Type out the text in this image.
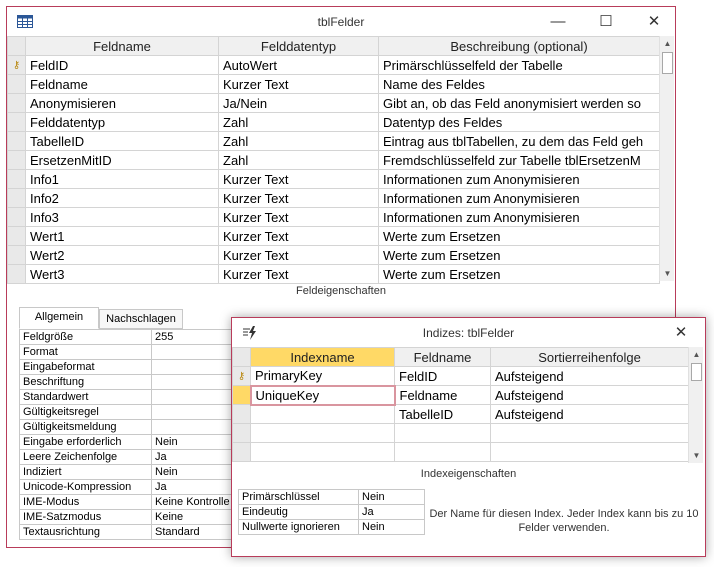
tblFelder	—	☐	✕
	Feldname	Felddatentyp	Beschreibung (optional)

⚷	FeldID	AutoWert	Primärschlüsselfeld der Tabelle
	Feldname	Kurzer Text	Name des Feldes
	Anonymisieren	Ja/Nein	Gibt an, ob das Feld anonymisiert werden so
	Felddatentyp	Zahl	Datentyp des Feldes
	TabelleID	Zahl	Eintrag aus tblTabellen, zu dem das Feld geh
	ErsetzenMitID	Zahl	Fremdschlüsselfeld zur Tabelle tblErsetzenM
	Info1	Kurzer Text	Informationen zum Anonymisieren
	Info2	Kurzer Text	Informationen zum Anonymisieren
	Info3	Kurzer Text	Informationen zum Anonymisieren
	Wert1	Kurzer Text	Werte zum Ersetzen
	Wert2	Kurzer Text	Werte zum Ersetzen
	Wert3	Kurzer Text	Werte zum Ersetzen
▲
▼
Feldeigenschaften
Allgemein	Nachschlagen
Feldgröße	255
Format	
Eingabeformat	
Beschriftung	
Standardwert	
Gültigkeitsregel	
Gültigkeitsmeldung	
Eingabe erforderlich	Nein
Leere Zeichenfolge	Ja
Indiziert	Nein
Unicode-Kompression	Ja
IME-Modus	Keine Kontrolle
IME-Satzmodus	Keine
Textausrichtung	Standard
Indizes: tblFelder	✕
	Indexname	Feldname	Sortierreihenfolge

⚷	PrimaryKey	FeldID	Aufsteigend
	UniqueKey	Feldname	Aufsteigend
		TabelleID	Aufsteigend

▲
▼
Indexeigenschaften
Primärschlüssel	Nein
Eindeutig	Ja
Nullwerte ignorieren	Nein
Der Name für diesen Index. Jeder Index kann bis zu 10 Felder verwenden.
